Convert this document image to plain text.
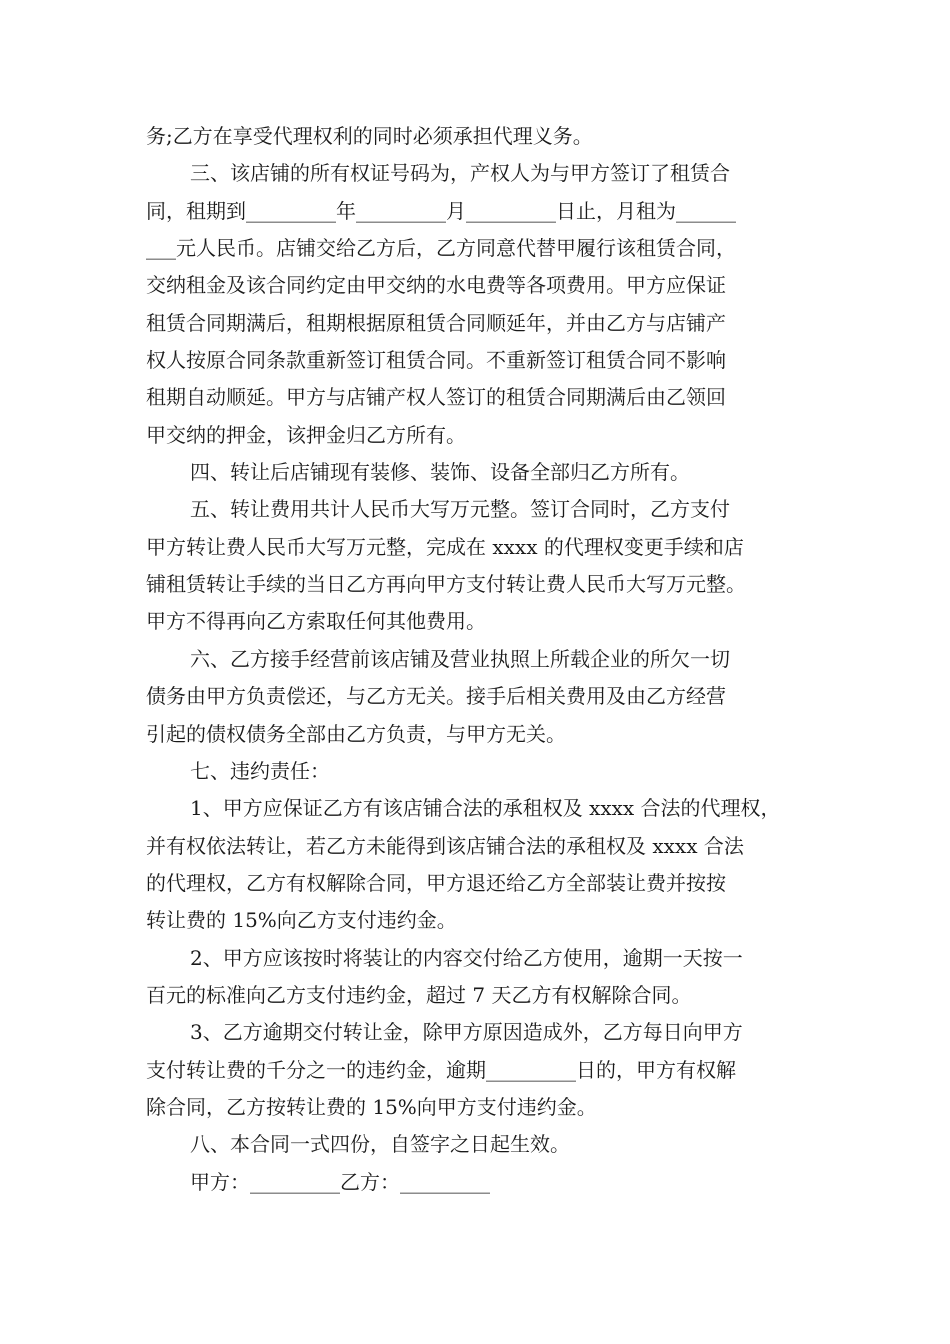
务;乙方在享受代理权利的同时必须承担代理义务。
三、该店铺的所有权证号码为，产权人为与甲方签订了租赁合
同，租期到_________年_________月_________日止，月租为______
___元人民币。店铺交给乙方后，乙方同意代替甲履行该租赁合同，
交纳租金及该合同约定由甲交纳的水电费等各项费用。甲方应保证
租赁合同期满后，租期根据原租赁合同顺延年，并由乙方与店铺产
权人按原合同条款重新签订租赁合同。不重新签订租赁合同不影响
租期自动顺延。甲方与店铺产权人签订的租赁合同期满后由乙领回
甲交纳的押金，该押金归乙方所有。
四、转让后店铺现有装修、装饰、设备全部归乙方所有。
五、转让费用共计人民币大写万元整。签订合同时，乙方支付
甲方转让费人民币大写万元整，完成在 xxxx 的代理权变更手续和店
铺租赁转让手续的当日乙方再向甲方支付转让费人民币大写万元整。
甲方不得再向乙方索取任何其他费用。
六、乙方接手经营前该店铺及营业执照上所载企业的所欠一切
债务由甲方负责偿还，与乙方无关。接手后相关费用及由乙方经营
引起的债权债务全部由乙方负责，与甲方无关。
七、违约责任：
1、甲方应保证乙方有该店铺合法的承租权及 xxxx 合法的代理权，
并有权依法转让，若乙方未能得到该店铺合法的承租权及 xxxx 合法
的代理权，乙方有权解除合同，甲方退还给乙方全部装让费并按按
转让费的 15%向乙方支付违约金。
2、甲方应该按时将装让的内容交付给乙方使用，逾期一天按一
百元的标准向乙方支付违约金，超过 7 天乙方有权解除合同。
3、乙方逾期交付转让金，除甲方原因造成外，乙方每日向甲方
支付转让费的千分之一的违约金，逾期_________日的，甲方有权解
除合同，乙方按转让费的 15%向甲方支付违约金。
八、本合同一式四份，自签字之日起生效。
甲方：_________乙方：_________
